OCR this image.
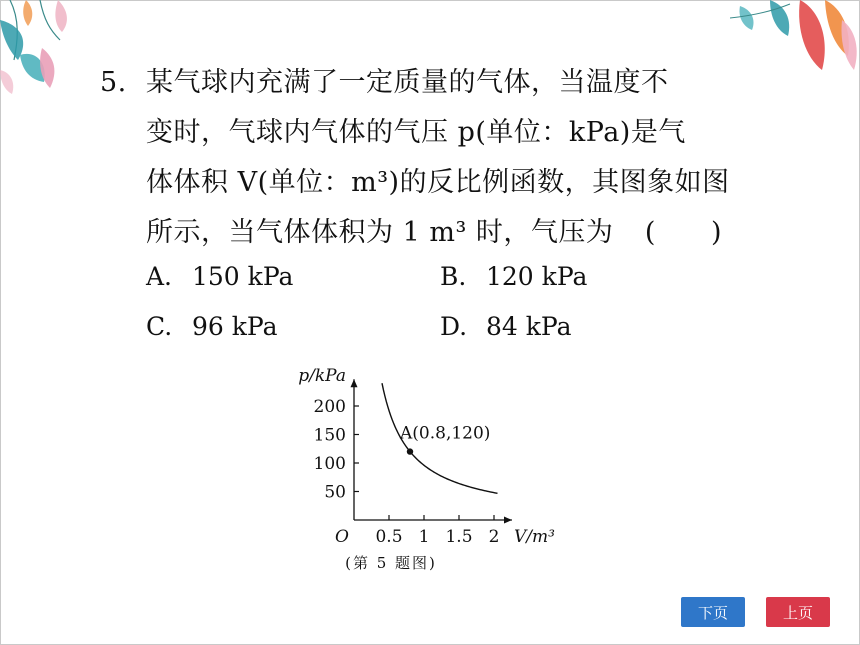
5. 某气球内充满了一定质量的气体，当温度不
变时，气球内气体的气压 p(单位：kPa)是气
体体积 V(单位：m³)的反比例函数，其图象如图
所示，当气体体积为 1 m³ 时，气压为 (　　)
A. 150 kPa	B. 120 kPa
C. 96 kPa	D. 84 kPa
0.5 1 1.5 2
50
100
150
200
O	V/m³
p/kPa
A(0.8,120)
(第 5 题图)
下页	上页
